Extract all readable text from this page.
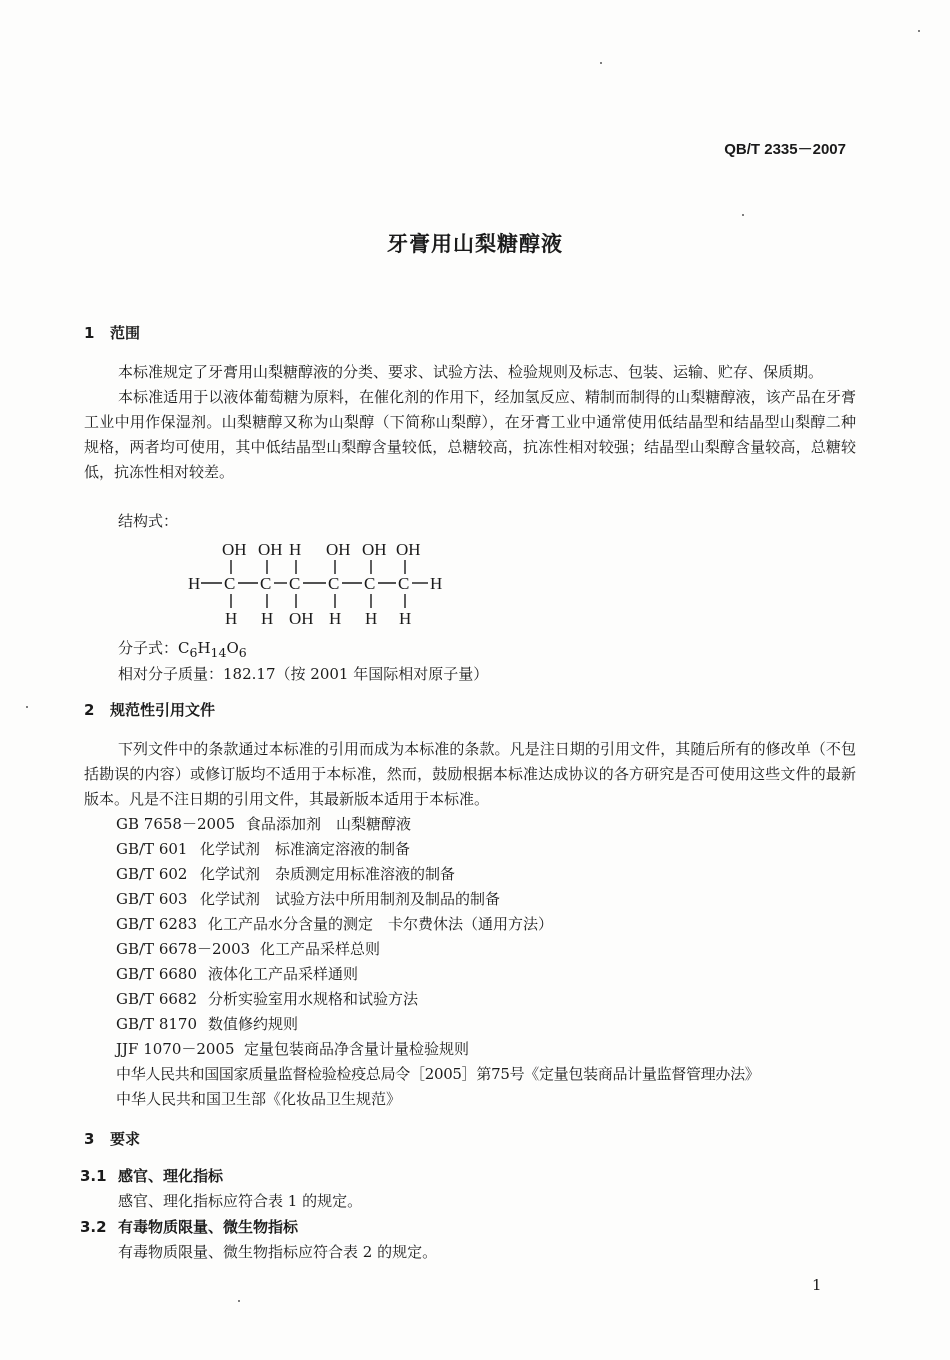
QB/T 2335－2007
牙膏用山梨糖醇液
1 范围

本标准规定了牙膏用山梨糖醇液的分类、要求、试验方法、检验规则及标志、包装、运输、贮存、保质期。

本标准适用于以液体葡萄糖为原料，在催化剂的作用下，经加氢反应、精制而制得的山梨糖醇液，该产品在牙膏工业中用作保湿剂。山梨糖醇又称为山梨醇（下简称山梨醇），在牙膏工业中通常使用低结晶型和结晶型山梨醇二种规格，两者均可使用，其中低结晶型山梨醇含量较低，总糖较高，抗冻性相对较强；结晶型山梨醇含量较高，总糖较低，抗冻性相对较差。

结构式：
OH OH H OH OH OH
H C C C C C C H
H H OH H H H
分子式：$C_6H_{14}O_6$
相对分子质量：182.17（按 2001 年国际相对原子量）
2 规范性引用文件

下列文件中的条款通过本标准的引用而成为本标准的条款。凡是注日期的引用文件，其随后所有的修改单（不包括勘误的内容）或修订版均不适用于本标准，然而，鼓励根据本标准达成协议的各方研究是否可使用这些文件的最新版本。凡是不注日期的引用文件，其最新版本适用于本标准。

GB 7658－2005 食品添加剂　山梨糖醇液
GB/T 601 化学试剂　标准滴定溶液的制备
GB/T 602 化学试剂　杂质测定用标准溶液的制备
GB/T 603 化学试剂　试验方法中所用制剂及制品的制备
GB/T 6283 化工产品水分含量的测定　卡尔费休法（通用方法）
GB/T 6678－2003 化工产品采样总则
GB/T 6680 液体化工产品采样通则
GB/T 6682 分析实验室用水规格和试验方法
GB/T 8170 数值修约规则
JJF 1070－2005 定量包装商品净含量计量检验规则
中华人民共和国国家质量监督检验检疫总局令［2005］第75号《定量包装商品计量监督管理办法》
中华人民共和国卫生部《化妆品卫生规范》
3 要求
3.1 感官、理化指标
感官、理化指标应符合表 1 的规定。
3.2 有毒物质限量、微生物指标
有毒物质限量、微生物指标应符合表 2 的规定。
1
